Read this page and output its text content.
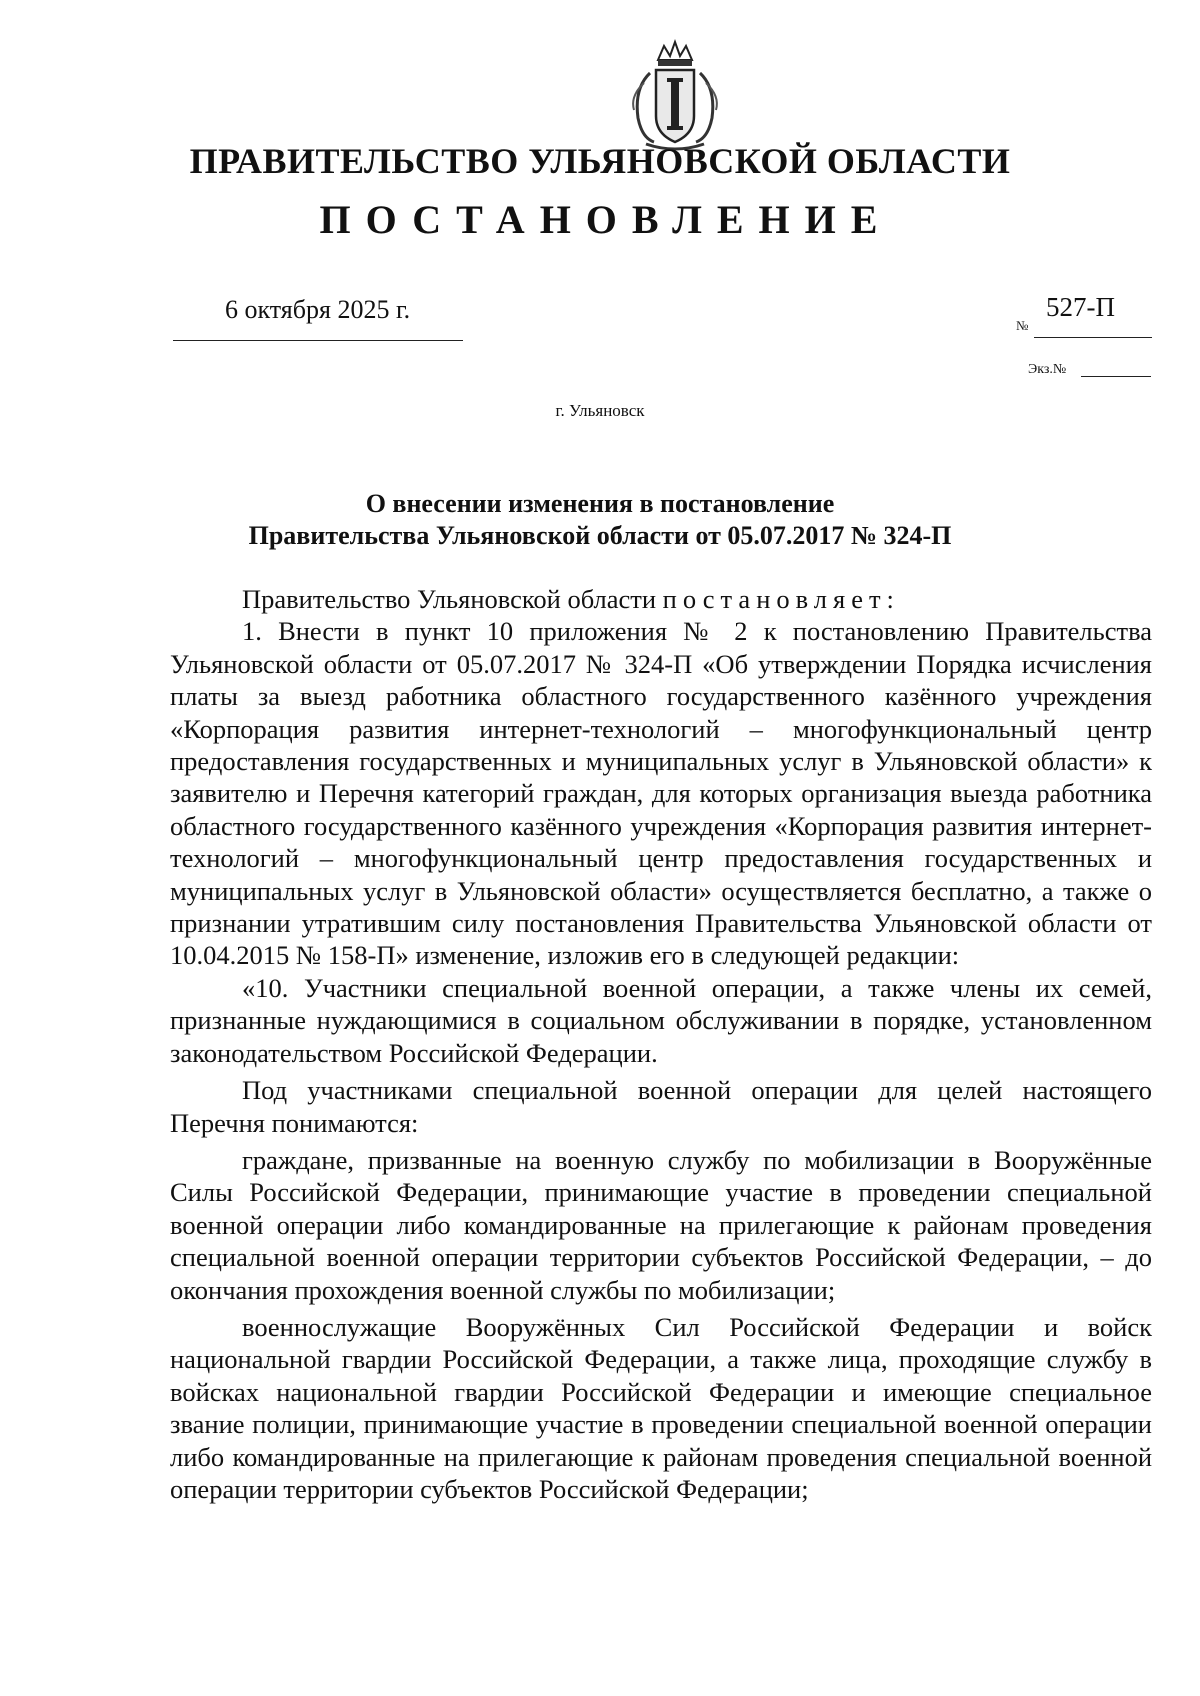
ПРАВИТЕЛЬСТВО УЛЬЯНОВСКОЙ ОБЛАСТИ
ПОСТАНОВЛЕНИЕ
6 октября 2025 г.
№
527-П
Экз.№
г. Ульяновск
О внесении изменения в постановление
Правительства Ульяновской области от 05.07.2017 № 324-П

Правительство Ульяновской области постановляет:

1. Внести в пункт 10 приложения № 2 к постановлению Правительства Ульяновской области от 05.07.2017 № 324-П «Об утверждении Порядка исчисления платы за выезд работника областного государственного казённого учреждения «Корпорация развития интернет-технологий – многофункциональный центр предоставления государственных и муниципальных услуг в Ульяновской области» к заявителю и Перечня категорий граждан, для которых организация выезда работника областного государственного казённого учреждения «Корпорация развития интернет-технологий – многофункциональный центр предоставления государственных и муниципальных услуг в Ульяновской области» осуществляется бесплатно, а также о признании утратившим силу постановления Правительства Ульяновской области от 10.04.2015 № 158-П» изменение, изложив его в следующей редакции:

«10. Участники специальной военной операции, а также члены их семей, признанные нуждающимися в социальном обслуживании в порядке, установленном законодательством Российской Федерации.

Под участниками специальной военной операции для целей настоящего Перечня понимаются:

граждане, призванные на военную службу по мобилизации в Вооружённые Силы Российской Федерации, принимающие участие в проведении специальной военной операции либо командированные на прилегающие к районам проведения специальной военной операции территории субъектов Российской Федерации, – до окончания прохождения военной службы по мобилизации;

военнослужащие Вооружённых Сил Российской Федерации и войск национальной гвардии Российской Федерации, а также лица, проходящие службу в войсках национальной гвардии Российской Федерации и имеющие специальное звание полиции, принимающие участие в проведении специальной военной операции либо командированные на прилегающие к районам проведения специальной военной операции территории субъектов Российской Федерации;
